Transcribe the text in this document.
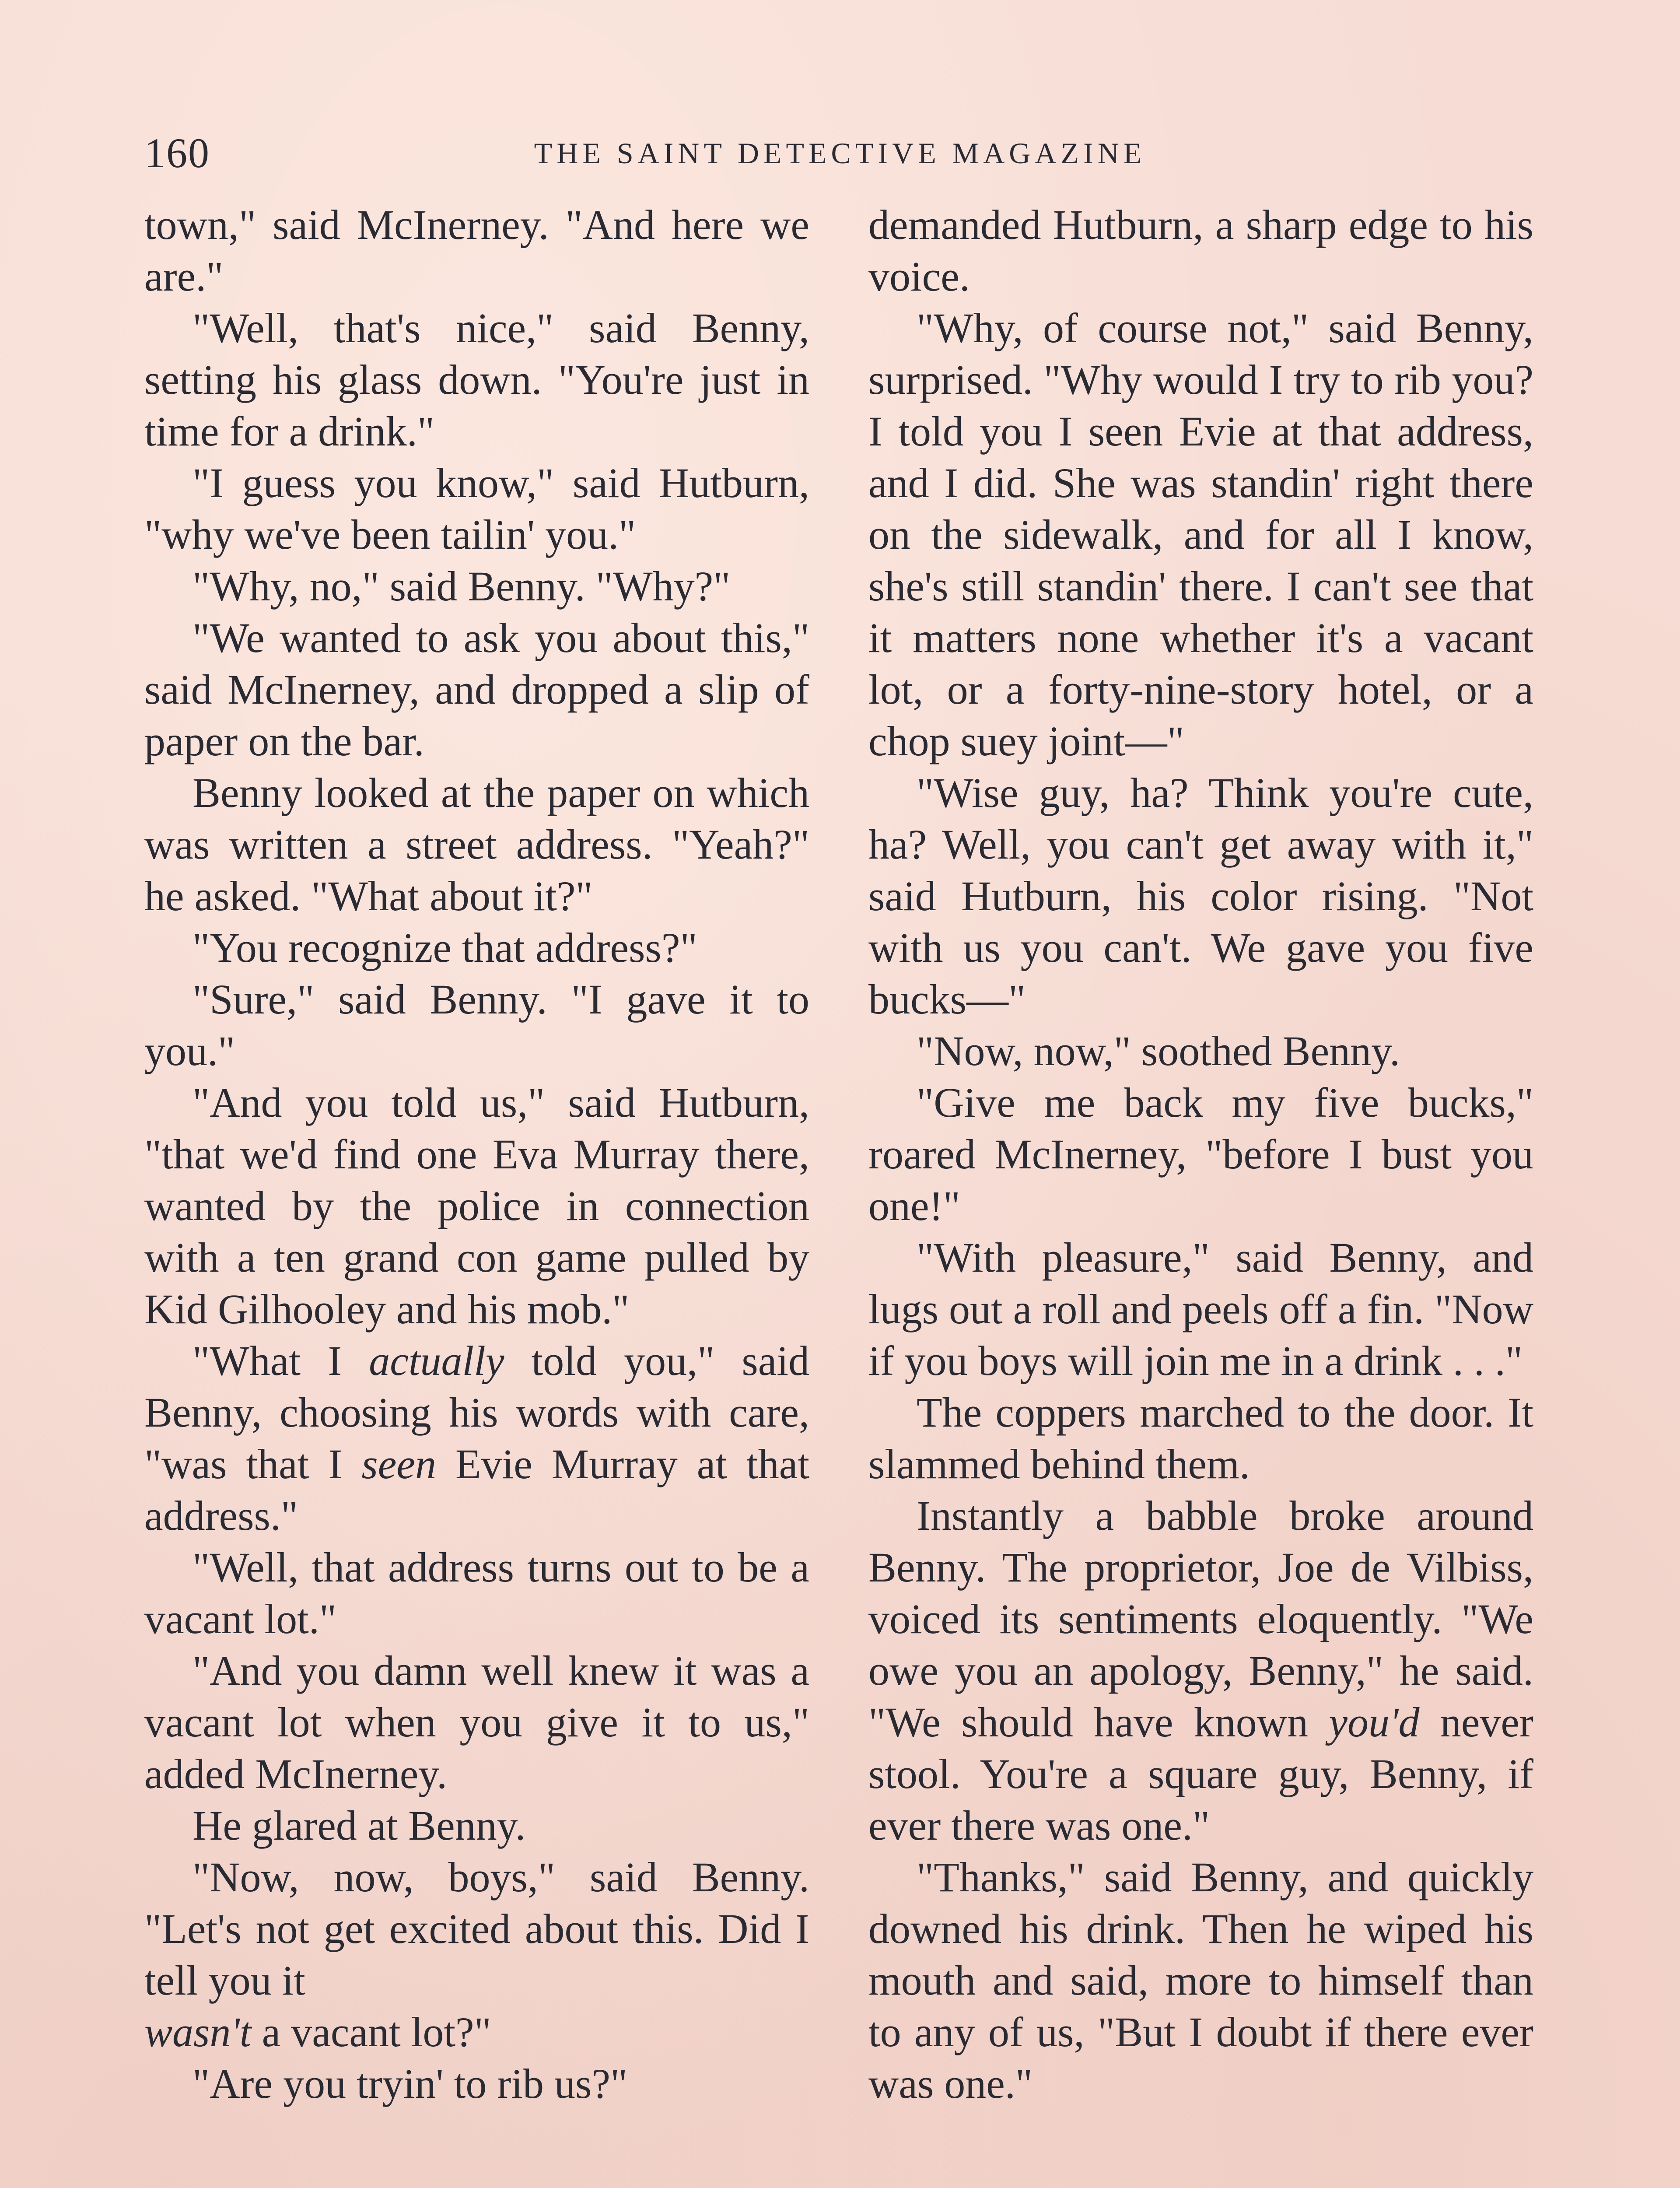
160	THE SAINT DETECTIVE MAGAZINE

town," said McInerney. "And here we are."

"Well, that's nice," said Benny, setting his glass down. "You're just in time for a drink."

"I guess you know," said Hutburn, "why we've been tailin' you."

"Why, no," said Benny. "Why?"

"We wanted to ask you about this," said McInerney, and dropped a slip of paper on the bar.

Benny looked at the paper on which was written a street address. "Yeah?" he asked. "What about it?"

"You recognize that address?"

"Sure," said Benny. "I gave it to you."

"And you told us," said Hutburn, "that we'd find one Eva Murray there, wanted by the police in connection with a ten grand con game pulled by Kid Gilhooley and his mob."

"What I actually told you," said Benny, choosing his words with care, "was that I seen Evie Murray at that address."

"Well, that address turns out to be a vacant lot."

"And you damn well knew it was a vacant lot when you give it to us," added McInerney.

He glared at Benny.

"Now, now, boys," said Benny. "Let's not get excited about this. Did I tell you it

wasn't a vacant lot?"

"Are you tryin' to rib us?"

demanded Hutburn, a sharp edge to his voice.

"Why, of course not," said Benny, surprised. "Why would I try to rib you? I told you I seen Evie at that address, and I did. She was standin' right there on the sidewalk, and for all I know, she's still standin' there. I can't see that it matters none whether it's a vacant lot, or a forty-nine-story hotel, or a chop suey joint—"

"Wise guy, ha? Think you're cute, ha? Well, you can't get away with it," said Hutburn, his color rising. "Not with us you can't. We gave you five bucks—"

"Now, now," soothed Benny.

"Give me back my five bucks," roared McInerney, "before I bust you one!"

"With pleasure," said Benny, and lugs out a roll and peels off a fin. "Now if you boys will join me in a drink . . ."

The coppers marched to the door. It slammed behind them.

Instantly a babble broke around Benny. The proprietor, Joe de Vilbiss, voiced its sentiments eloquently. "We owe you an apology, Benny," he said. "We should have known you'd never stool. You're a square guy, Benny, if ever there was one."

"Thanks," said Benny, and quickly downed his drink. Then he wiped his mouth and said, more to himself than to any of us, "But I doubt if there ever was one."
